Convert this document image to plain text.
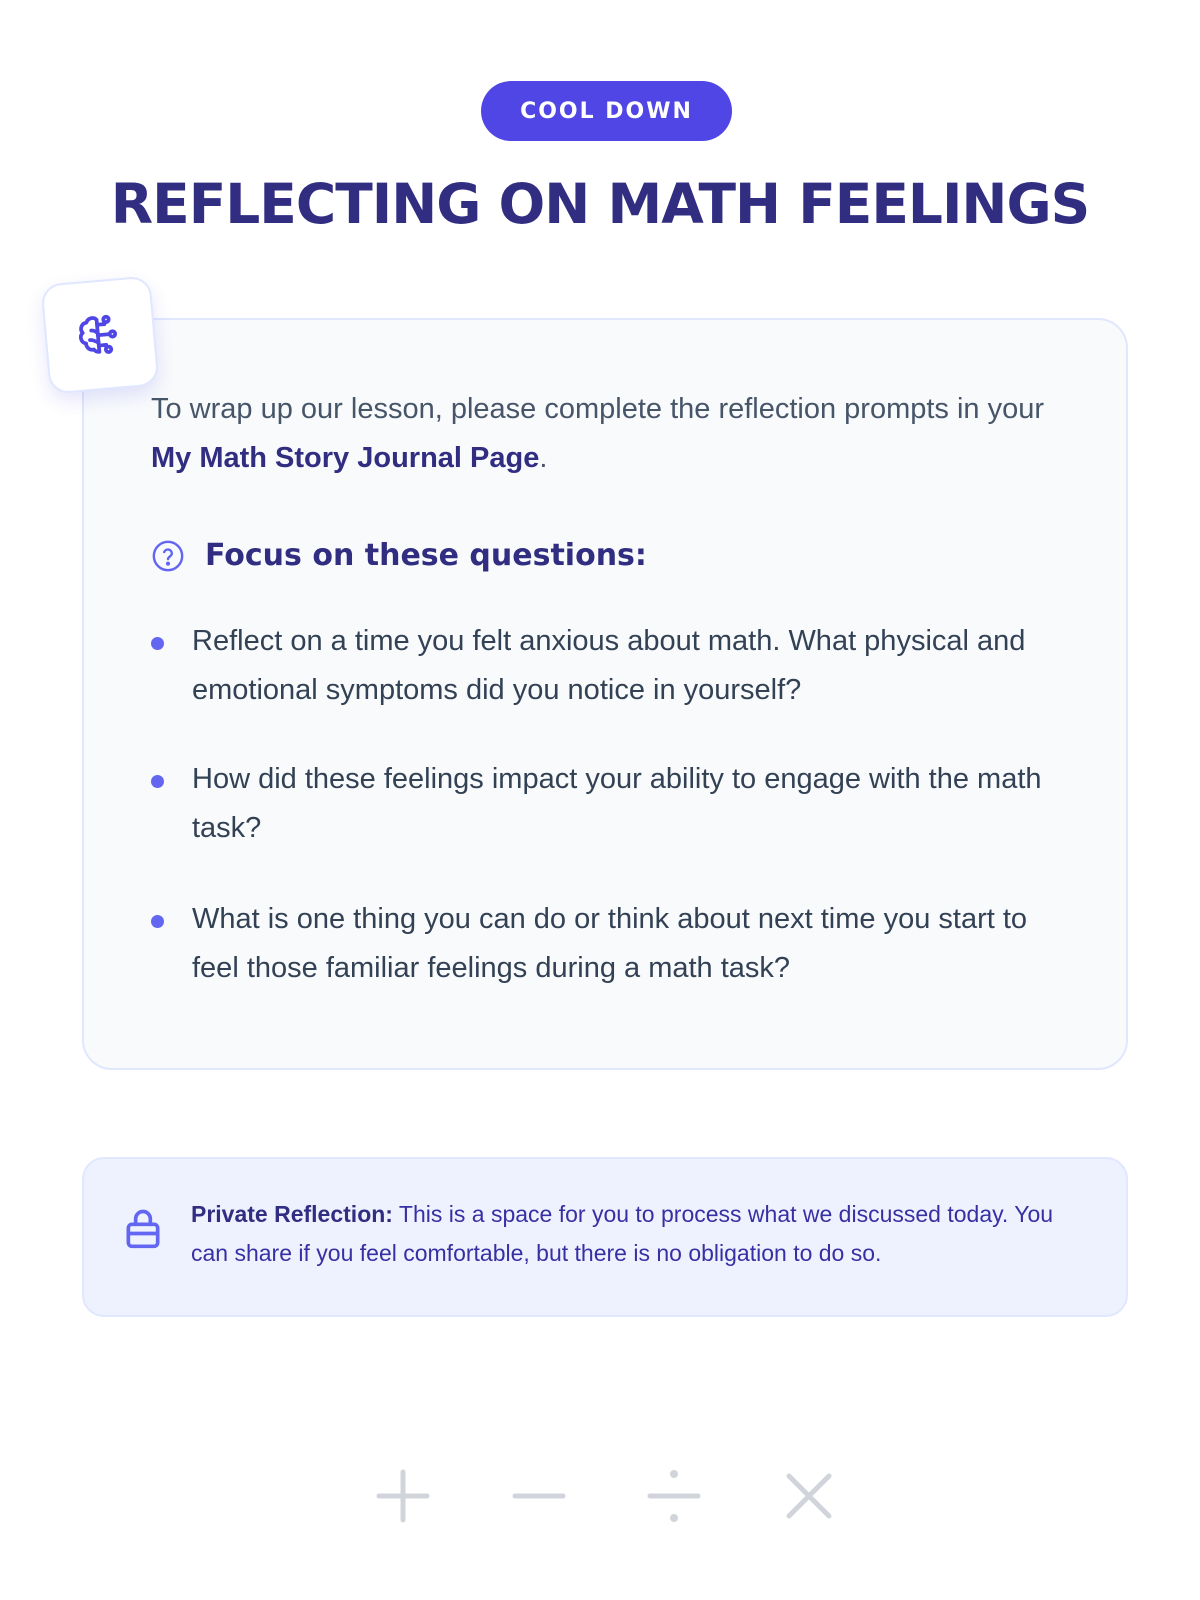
COOL DOWN
REFLECTING ON MATH FEELINGS

To wrap up our lesson, please complete the reflection prompts in your My Math Story Journal Page.

Focus on these questions:
Reflect on a time you felt anxious about math. What physical and emotional symptoms did you notice in yourself?
How did these feelings impact your ability to engage with the math task?
What is one thing you can do or think about next time you start to feel those familiar feelings during a math task?
Private Reflection: This is a space for you to process what we discussed today. You can share if you feel comfortable, but there is no obligation to do so.
